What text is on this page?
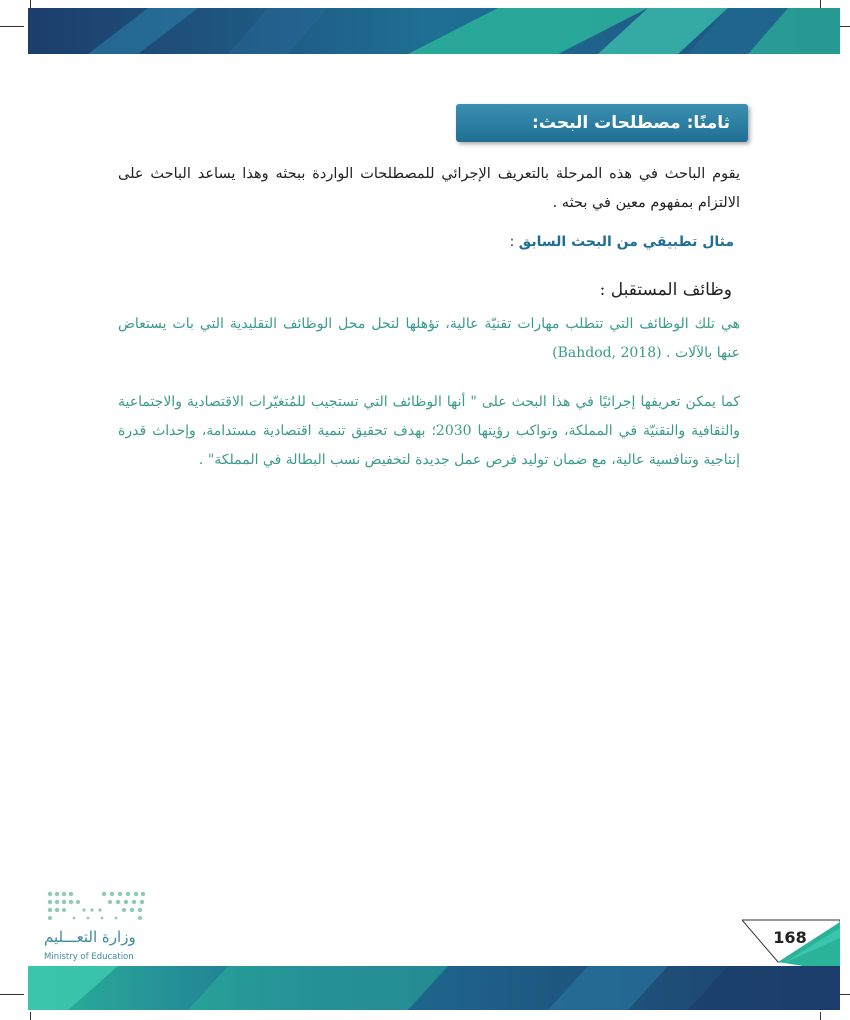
ثامنًا: مصطلحات البحث:

يقوم الباحث في هذه المرحلة بالتعريف الإجرائي للمصطلحات الواردة ببحثه وهذا يساعد الباحث على الالتزام بمفهوم معين في بحثه .

مثال تطبيقي من البحث السابق :
وظائف المستقبل :

هي تلك الوظائف التي تتطلب مهارات تقنيّة عالية، تؤهلها لتحل محل الوظائف التقليدية التي بات يستعاض عنها بالآلات . (Bahdod, 2018)

كما يمكن تعريفها إجرائيًا في هذا البحث على " أنها الوظائف التي تستجيب للمُتغيّرات الاقتصادية والاجتماعية والثقافية والتقنيّة في المملكة، وتواكب رؤيتها 2030؛ بهدف تحقيق تنمية اقتصادية مستدامة، وإحداث قدرة إنتاجية وتنافسية عالية، مع ضمان توليد فرص عمل جديدة لتخفيض نسب البطالة في المملكة" .

وزارة التعـــليم
Ministry of Education
168
